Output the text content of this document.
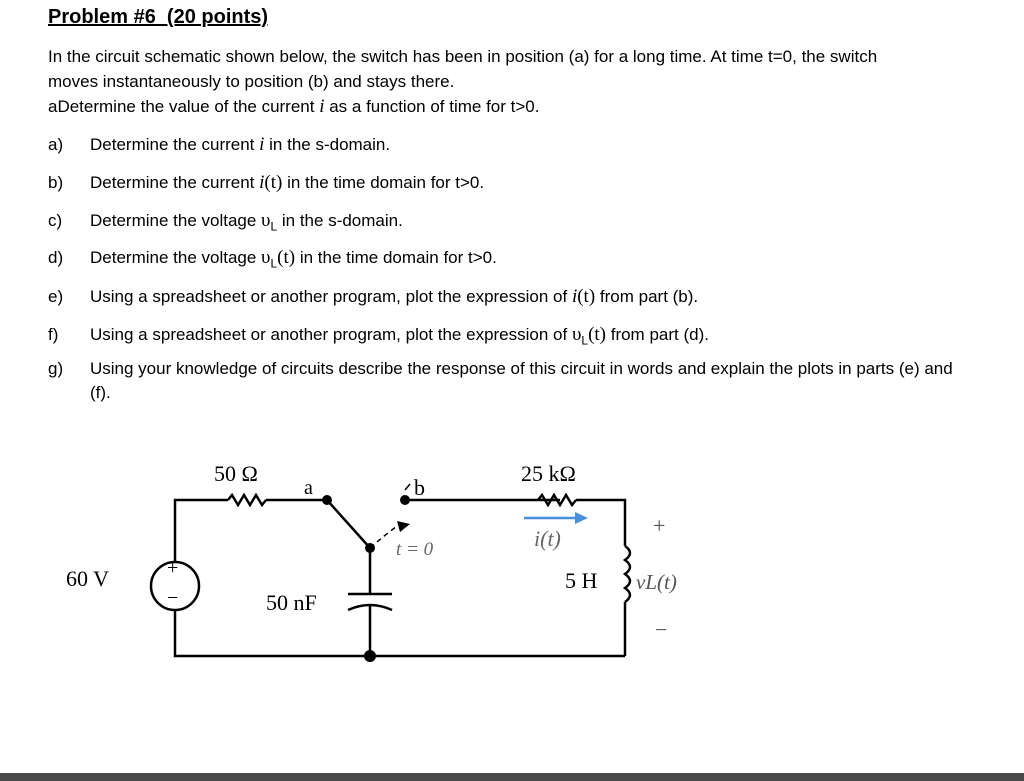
Problem #6  (20 points)
In the circuit schematic shown below, the switch has been in position (a) for a long time. At time t=0, the switch
moves instantaneously to position (b) and stays there.
aDetermine the value of the current i as a function of time for t>0.
a) Determine the current i in the s-domain.
b) Determine the current i(t) in the time domain for t>0.
c) Determine the voltage $\upsilon_L$ in the s-domain.
d) Determine the voltage $\upsilon_L(t)$ in the time domain for t>0.
e) Using a spreadsheet or another program, plot the expression of i(t) from part (b).
f) Using a spreadsheet or another program, plot the expression of $\upsilon_L(t)$ from part (d).
g) Using your knowledge of circuits describe the response of this circuit in words and explain the plots in parts (e) and (f).
+
−
60 V
50 Ω
a	b
t = 0
50 nF
25 kΩ
i(t)
5 H
+
vL(t)
−
